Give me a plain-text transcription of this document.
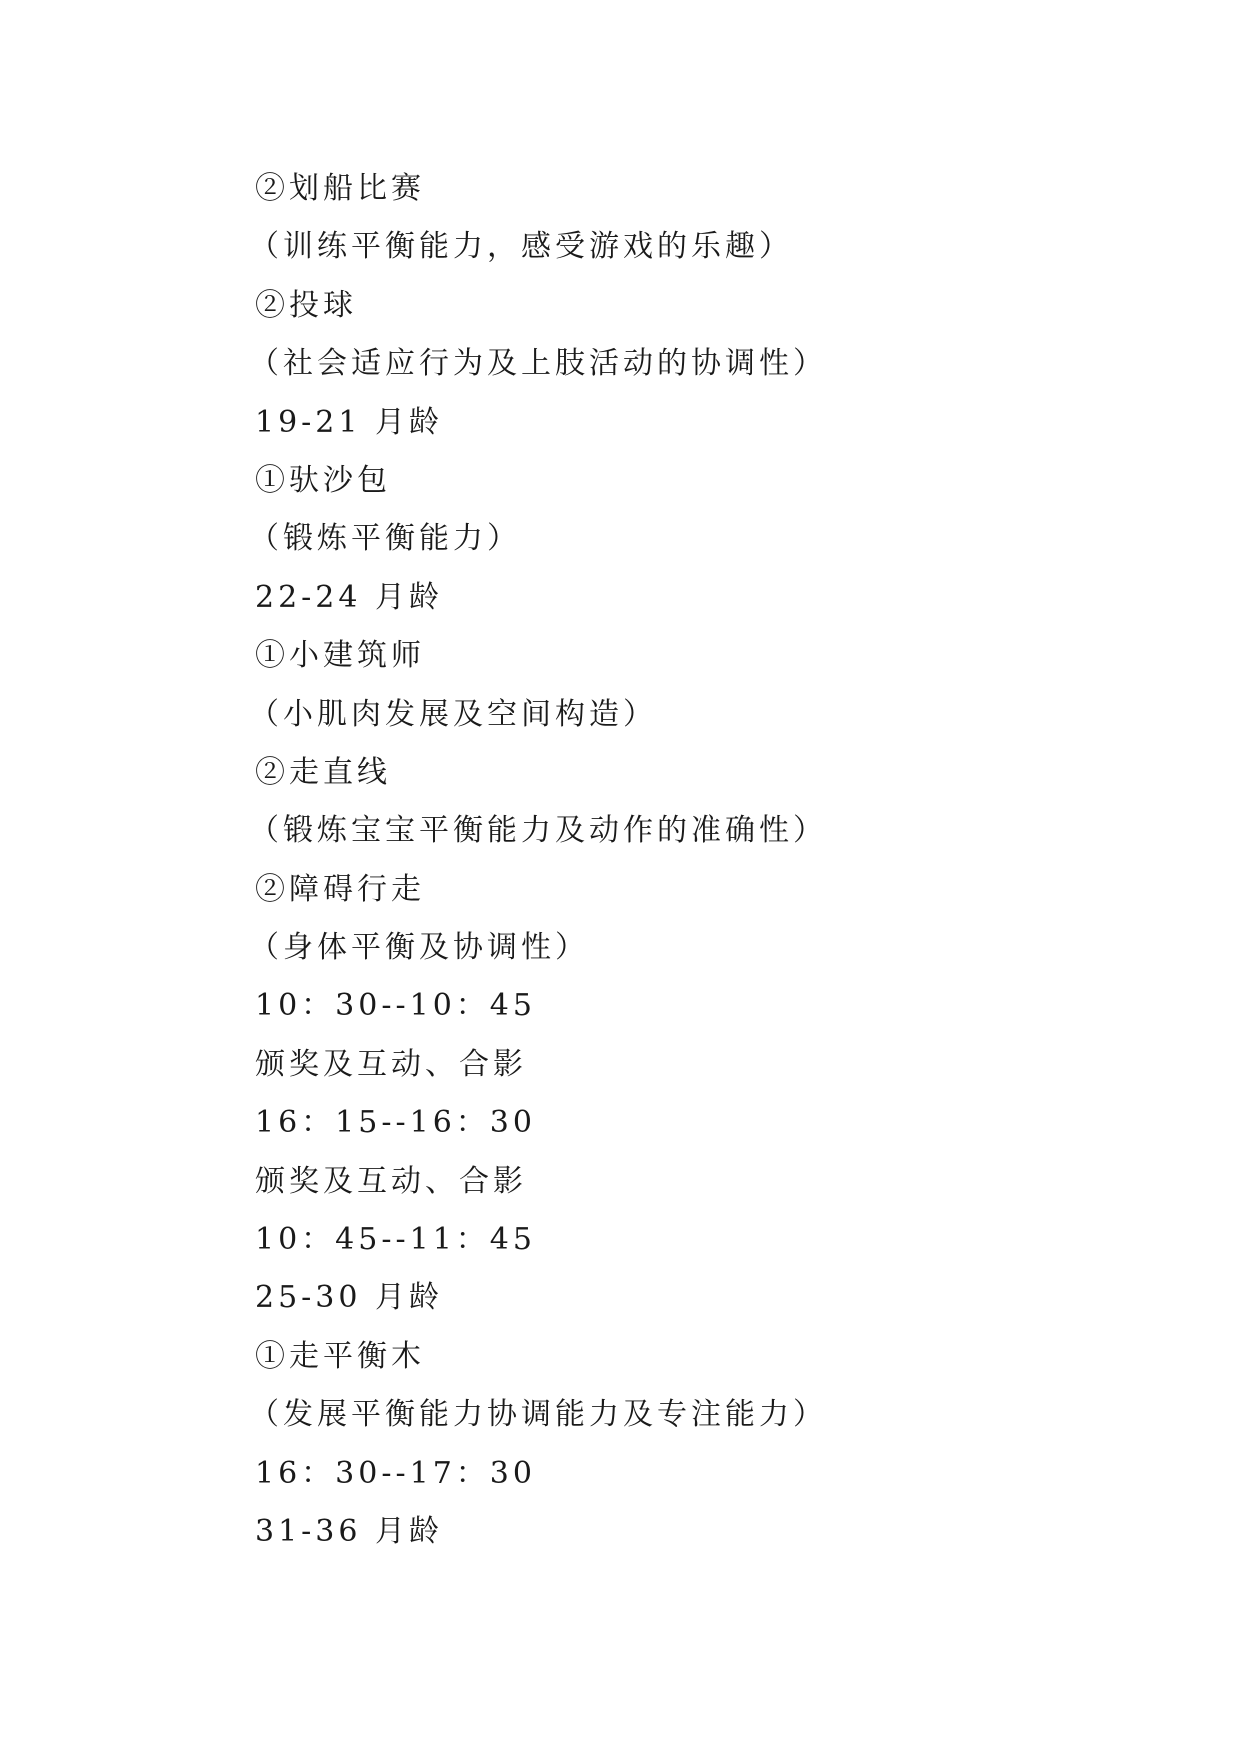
②划船比赛

（训练平衡能力，感受游戏的乐趣）

②投球

（社会适应行为及上肢活动的协调性）

19-21 月龄

①驮沙包

（锻炼平衡能力）

22-24 月龄

①小建筑师

（小肌肉发展及空间构造）

②走直线

（锻炼宝宝平衡能力及动作的准确性）

②障碍行走

（身体平衡及协调性）

10：30--10：45

颁奖及互动、合影

16：15--16：30

颁奖及互动、合影

10：45--11：45

25-30 月龄

①走平衡木

（发展平衡能力协调能力及专注能力）

16：30--17：30

31-36 月龄
